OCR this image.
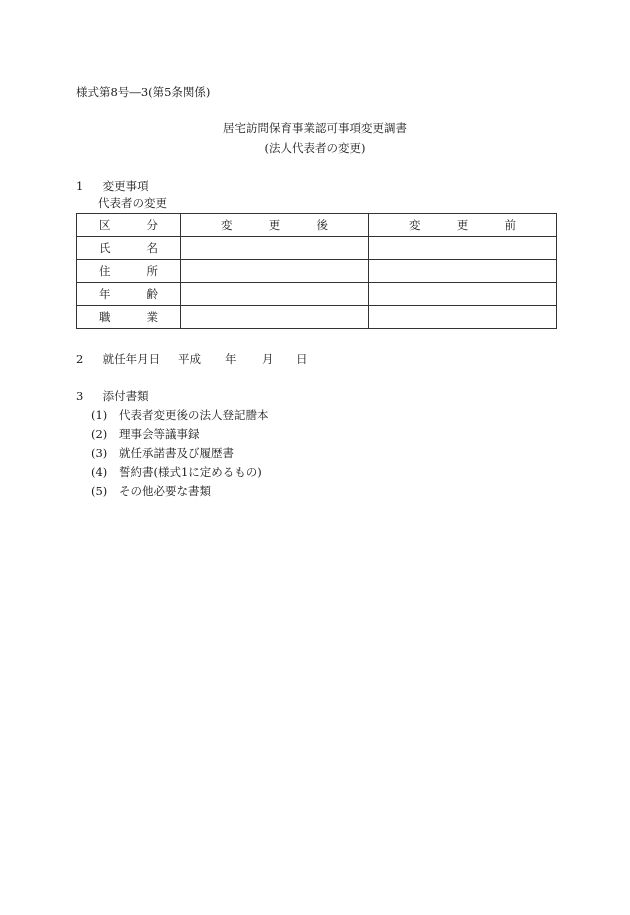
様式第8号―3(第5条関係)
居宅訪問保育事業認可事項変更調書
(法人代表者の変更)
1 変更事項
代表者の変更
区 分	変 更 後	変 更 前

氏 名		

住 所		

年 齢		

職 業		

2 就任年月日 平成 年 月 日
3 添付書類
(1) 代表者変更後の法人登記謄本
(2) 理事会等議事録
(3) 就任承諾書及び履歴書
(4) 誓約書(様式1に定めるもの)
(5) その他必要な書類
